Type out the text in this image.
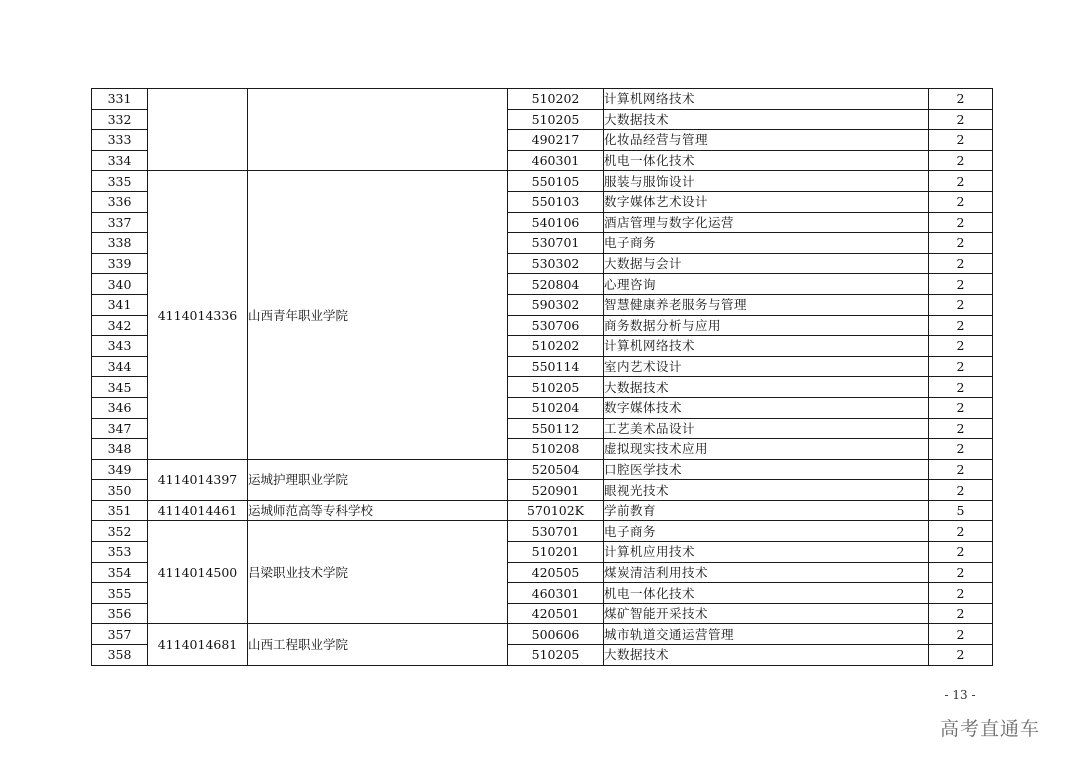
331			510202	计算机网络技术	2
332			510205	大数据技术	2
333			490217	化妆品经营与管理	2
334			460301	机电一体化技术	2
335	4114014336	山西青年职业学院	550105	服装与服饰设计	2
336			550103	数字媒体艺术设计	2
337			540106	酒店管理与数字化运营	2
338			530701	电子商务	2
339			530302	大数据与会计	2
340			520804	心理咨询	2
341			590302	智慧健康养老服务与管理	2
342			530706	商务数据分析与应用	2
343			510202	计算机网络技术	2
344			550114	室内艺术设计	2
345			510205	大数据技术	2
346			510204	数字媒体技术	2
347			550112	工艺美术品设计	2
348			510208	虚拟现实技术应用	2
349	4114014397	运城护理职业学院	520504	口腔医学技术	2
350			520901	眼视光技术	2
351	4114014461	运城师范高等专科学校	570102K	学前教育	5
352	4114014500	吕梁职业技术学院	530701	电子商务	2
353			510201	计算机应用技术	2
354			420505	煤炭清洁利用技术	2
355			460301	机电一体化技术	2
356			420501	煤矿智能开采技术	2
357	4114014681	山西工程职业学院	500606	城市轨道交通运营管理	2
358			510205	大数据技术	2
- 13 -
高考直通车
